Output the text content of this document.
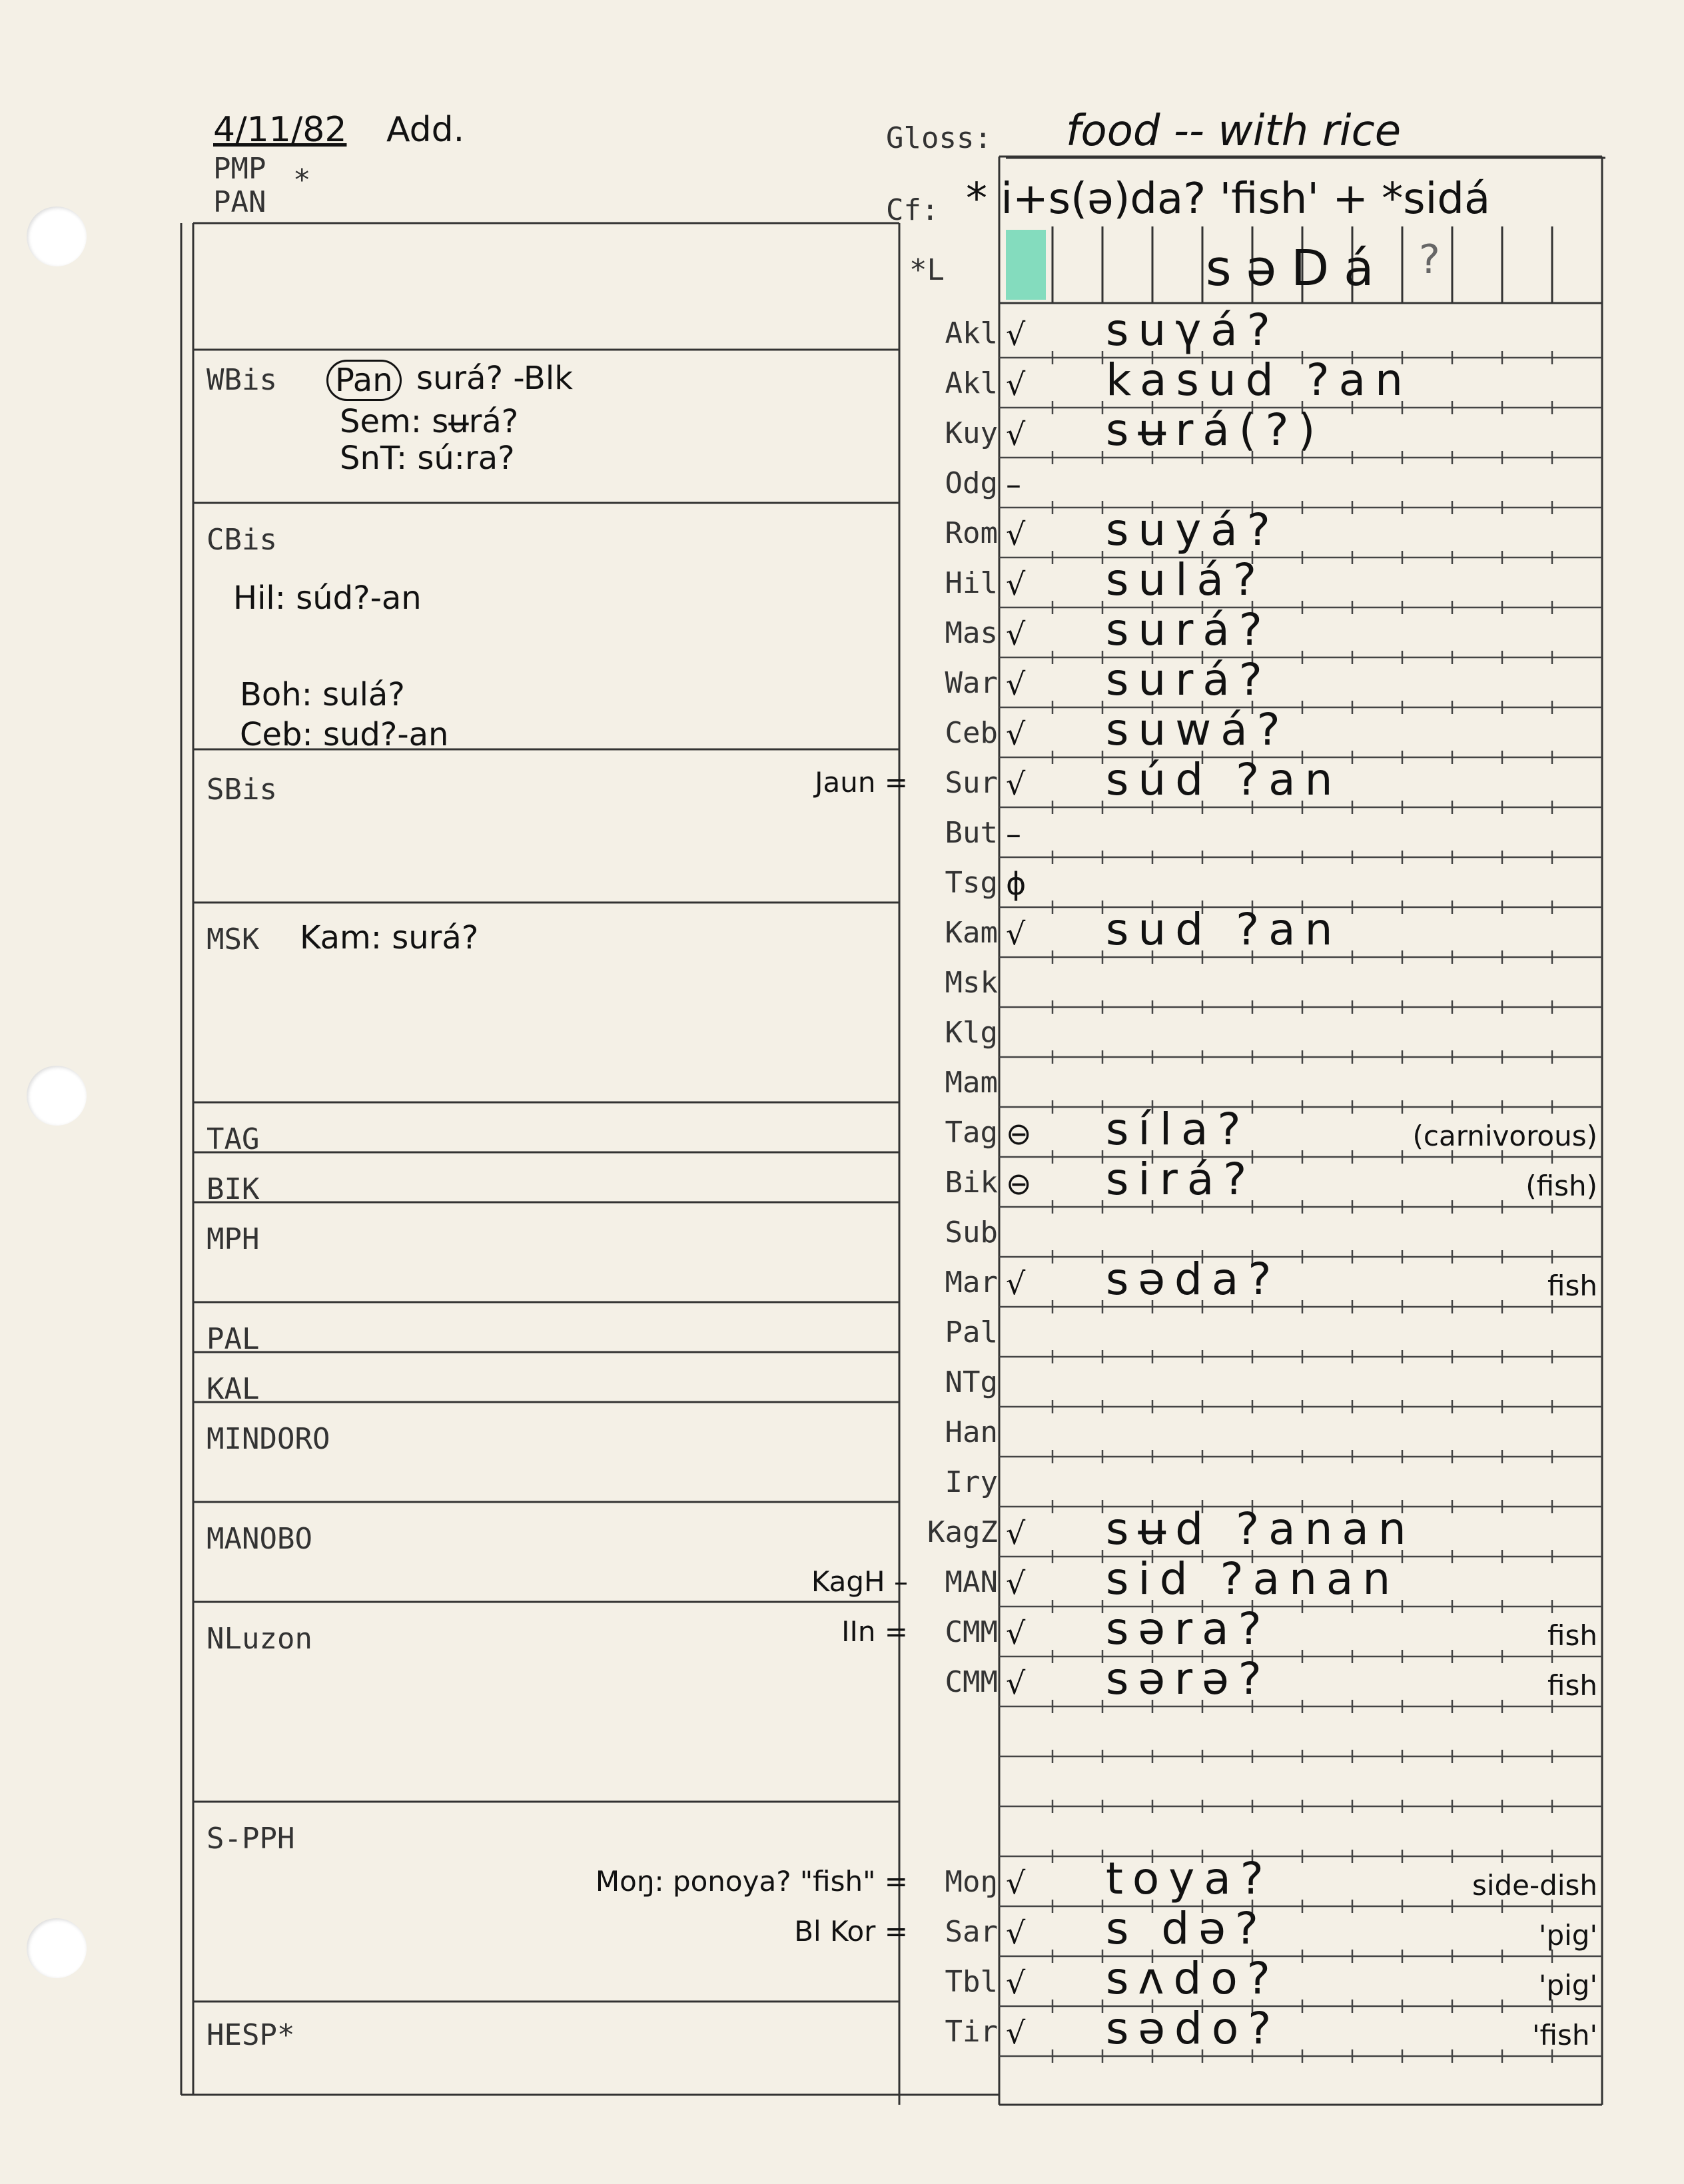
4/11/82 Add.
PMP *
PAN
Gloss: food -- with rice
Cf: * i+s(ə)da? 'fish' + *sidá
*L	səDá ?
WBis
CBis
SBis
MSK
TAG
BIK
MPH
PAL
KAL
MINDORO
MANOBO
NLuzon
S-PPH
HESP*
Pan surá? -Blk
Sem: sʉrá?
SnT: sú:ra?
Hil: súd?-an
Boh: sulá?
Ceb: sud?-an
Kam: surá?
Akl √ suγá?
Akl √ kasud ?an
Kuy √ sʉrá(?)
Odg –
Rom √ suyá?
Hil √ sulá?
Mas √ surá?
War √ surá?
Ceb √ suwá?
Sur √ súd ?an
Jaun =
But –
Tsg ϕ
Kam √ sud ?an
Msk
Klg
Mam
Tag ⊖ síla?	(carnivorous)
Bik ⊖ sirá?	(fish)
Sub
Mar √ səda?	fish
Pal
NTg
Han
Iry
KagZ √ sʉd ?anan
MAN √ sid ?anan
KagH –
CMM √ səra?	fish
IIn =
CMM √ sərə?	fish
Moŋ √ toya?	side-dish
Moŋ: ponoya? "fish" =
Sar √ s də?	'pig'
Bl Kor =
Tbl √ sʌdo?	'pig'
Tir √ sədo?	'fish'
